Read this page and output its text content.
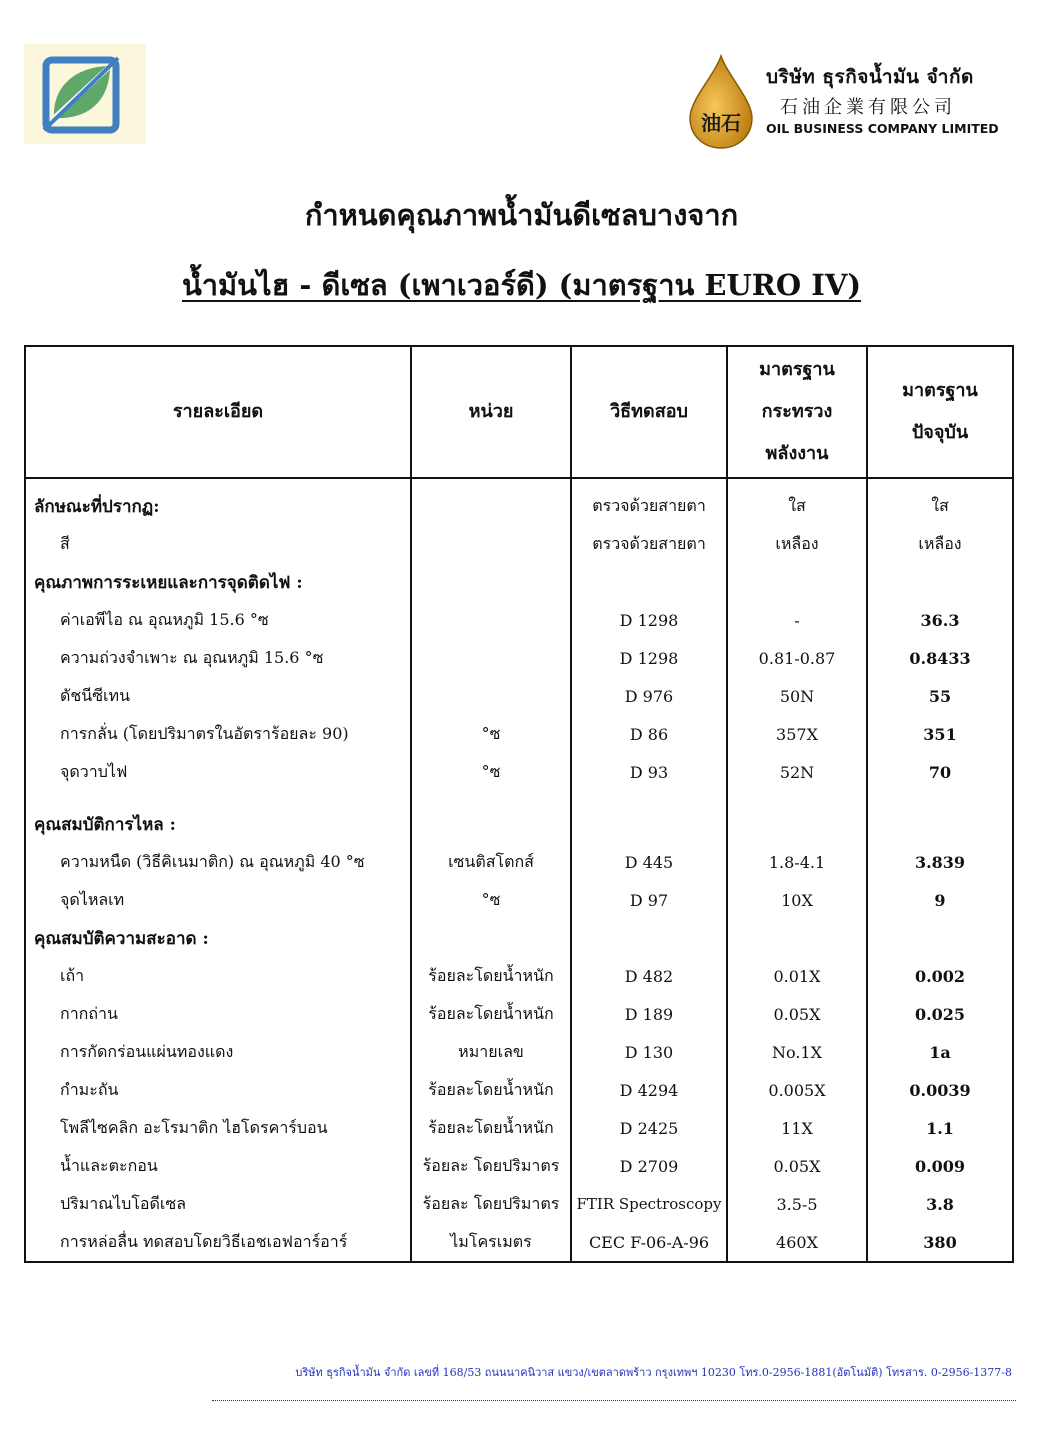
油石
บริษัท ธุรกิจน้ำมัน จำกัด
石油企業有限公司
OIL BUSINESS COMPANY LIMITED
กำหนดคุณภาพน้ำมันดีเซลบางจาก
น้ำมันไฮ - ดีเซล (เพาเวอร์ดี) (มาตรฐาน EURO IV)
รายละเอียด	หน่วย	วิธีทดสอบ	มาตรฐาน กระทรวง พลังงาน	มาตรฐาน ปัจจุบัน

ลักษณะที่ปรากฏ:		ตรวจด้วยสายตา	ใส	ใส
สี		ตรวจด้วยสายตา	เหลือง	เหลือง
คุณภาพการระเหยและการจุดติดไฟ :				
ค่าเอพีไอ ณ อุณหภูมิ 15.6 °ซ		D 1298	-	36.3
ความถ่วงจำเพาะ ณ อุณหภูมิ 15.6 °ซ		D 1298	0.81-0.87	0.8433
ดัชนีซีเทน		D 976	50N	55
การกลั่น (โดยปริมาตรในอัตราร้อยละ 90)	°ซ	D 86	357X	351
จุดวาบไฟ	°ซ	D 93	52N	70

คุณสมบัติการไหล :				
ความหนืด (วิธีคิเนมาติก) ณ อุณหภูมิ 40 °ซ	เซนติสโตกส์	D 445	1.8-4.1	3.839
จุดไหลเท	°ซ	D 97	10X	9
คุณสมบัติความสะอาด :				
เถ้า	ร้อยละโดยน้ำหนัก	D 482	0.01X	0.002
กากถ่าน	ร้อยละโดยน้ำหนัก	D 189	0.05X	0.025
การกัดกร่อนแผ่นทองแดง	หมายเลข	D 130	No.1X	1a
กำมะถัน	ร้อยละโดยน้ำหนัก	D 4294	0.005X	0.0039
โพลีไซคลิก อะโรมาติก ไฮโดรคาร์บอน	ร้อยละโดยน้ำหนัก	D 2425	11X	1.1
น้ำและตะกอน	ร้อยละ โดยปริมาตร	D 2709	0.05X	0.009
ปริมาณไบโอดีเซล	ร้อยละ โดยปริมาตร	FTIR Spectroscopy	3.5-5	3.8
การหล่อลื่น ทดสอบโดยวิธีเอชเอฟอาร์อาร์	ไมโครเมตร	CEC F-06-A-96	460X	380
บริษัท ธุรกิจน้ำมัน จำกัด เลขที่ 168/53 ถนนนาคนิวาส แขวง/เขตลาดพร้าว กรุงเทพฯ 10230 โทร.0-2956-1881(อัตโนมัติ) โทรสาร. 0-2956-1377-8
